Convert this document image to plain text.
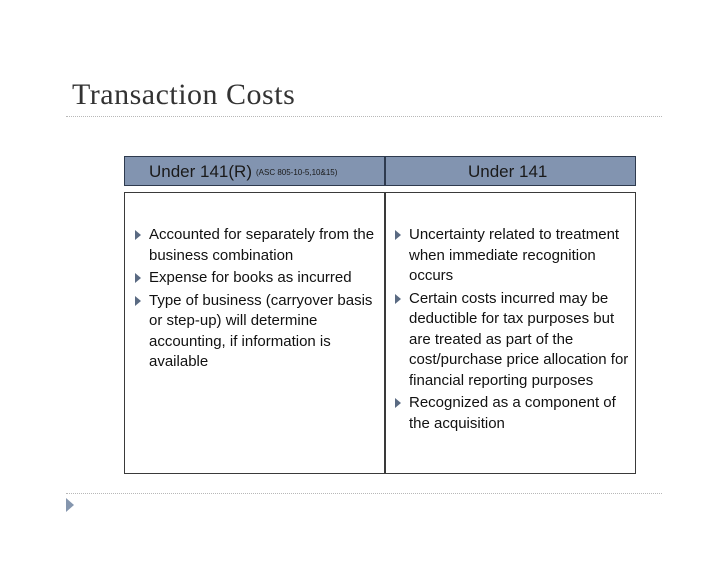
Transaction Costs
Under 141(R) (ASC 805-10-5,10&15)	Under 141
Accounted for separately from the business combination
Expense for books as incurred
Type of business (carryover basis or step-up) will determine accounting, if information is available
Uncertainty related to treatment when immediate recognition occurs
Certain costs incurred may be deductible for tax purposes but are treated as part of the cost/purchase price allocation for financial reporting purposes
Recognized as a component of the acquisition
